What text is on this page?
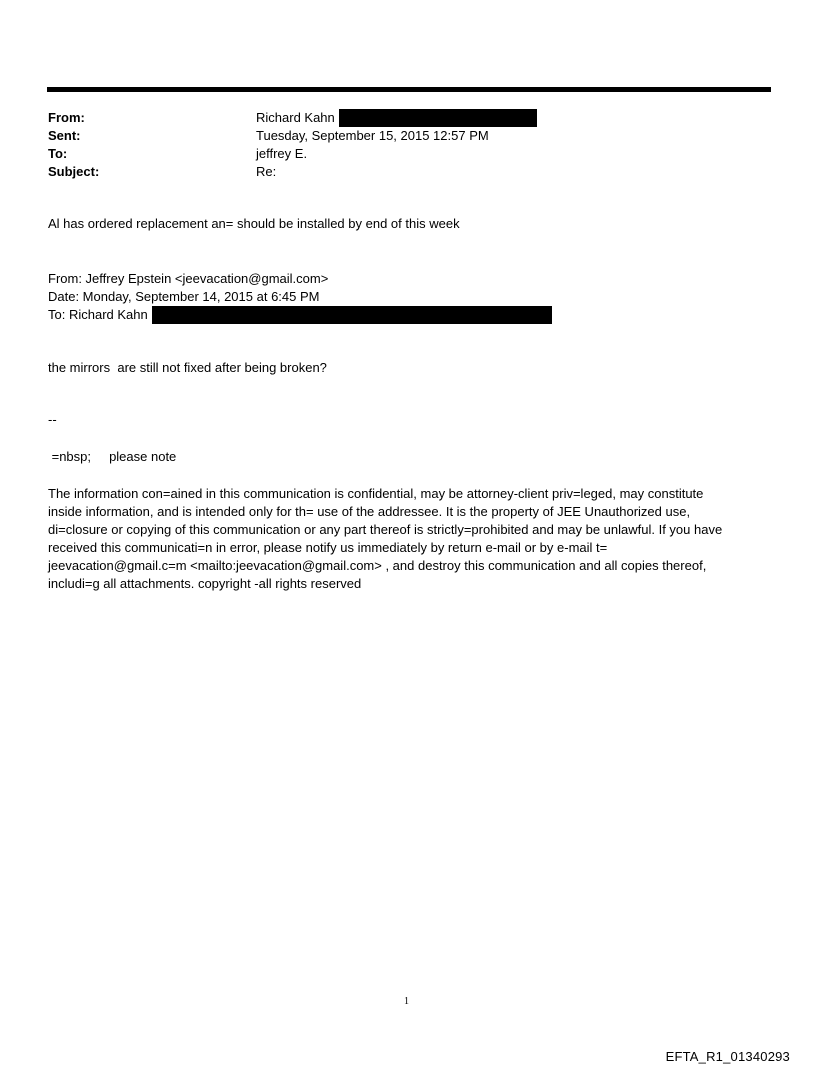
From:	Richard Kahn
Sent:	Tuesday, September 15, 2015 12:57 PM
To:	jeffrey E.
Subject:	Re:
Al has ordered replacement an= should be installed by end of this week
From: Jeffrey Epstein <jeevacation@gmail.com>
Date: Monday, September 14, 2015 at 6:45 PM
To: Richard Kahn
the mirrors  are still not fixed after being broken?
--
=nbsp;     please note
The information con=ained in this communication is confidential, may be attorney-client priv=leged, may constitute
inside information, and is intended only for th= use of the addressee. It is the property of JEE Unauthorized use,
di=closure or copying of this communication or any part thereof is strictly=prohibited and may be unlawful. If you have
received this communicati=n in error, please notify us immediately by return e-mail or by e-mail t=
jeevacation@gmail.c=m <mailto:jeevacation@gmail.com> , and destroy this communication and all copies thereof,
includi=g all attachments. copyright -all rights reserved
1
EFTA_R1_01340293
